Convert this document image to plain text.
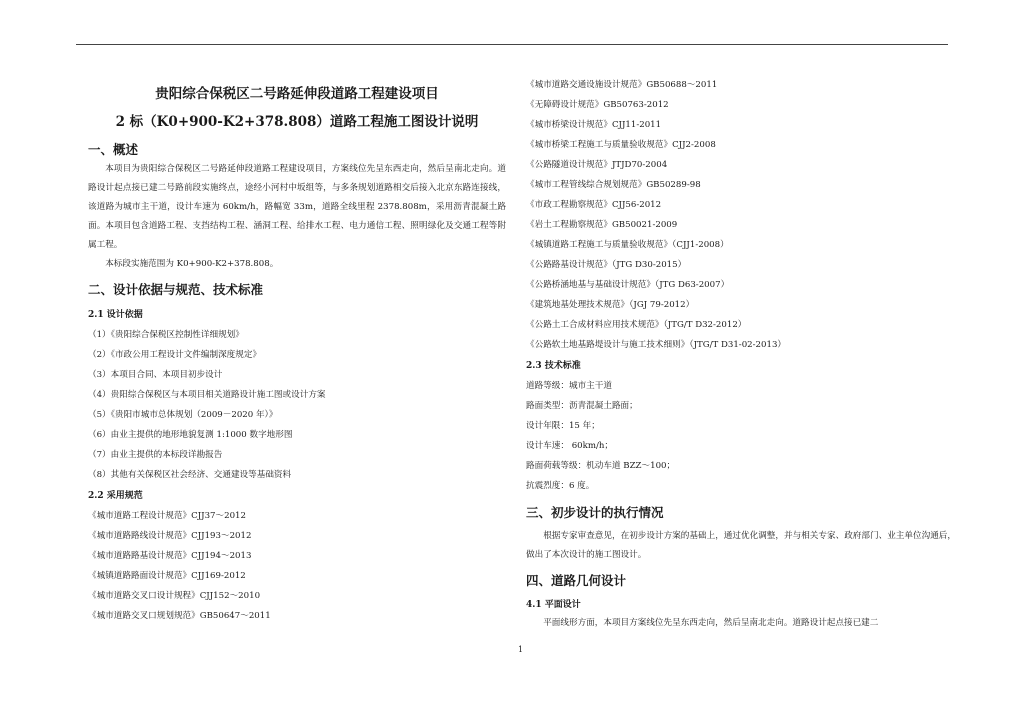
贵阳综合保税区二号路延伸段道路工程建设项目

2 标（K0+900-K2+378.808）道路工程施工图设计说明

一、概述

本项目为贵阳综合保税区二号路延伸段道路工程建设项目，方案线位先呈东西走向，然后呈南北走向。道路设计起点接已建二号路前段实施终点，途经小河村中坂组等，与多条规划道路相交后接入北京东路连接线，该道路为城市主干道，设计车速为 60km/h，路幅宽 33m，道路全线里程 2378.808m，采用沥青混凝土路面。本项目包含道路工程、支挡结构工程、涵洞工程、给排水工程、电力通信工程、照明绿化及交通工程等附属工程。

本标段实施范围为 K0+900-K2+378.808。

二、设计依据与规范、技术标准

2.1 设计依据

（1）《贵阳综合保税区控制性详细规划》

（2）《市政公用工程设计文件编制深度规定》

（3）本项目合同、本项目初步设计

（4）贵阳综合保税区与本项目相关道路设计施工图或设计方案

（5）《贵阳市城市总体规划（2009－2020 年）》

（6）由业主提供的地形地貌复测 1:1000 数字地形图

（7）由业主提供的本标段详勘报告

（8）其他有关保税区社会经济、交通建设等基础资料

2.2 采用规范

《城市道路工程设计规范》CJJ37～2012

《城市道路路线设计规范》CJJ193～2012

《城市道路路基设计规范》CJJ194～2013

《城镇道路路面设计规范》CJJ169-2012

《城市道路交叉口设计规程》CJJ152～2010

《城市道路交叉口规划规范》GB50647～2011

《城市道路交通设施设计规范》GB50688～2011

《无障碍设计规范》GB50763-2012

《城市桥梁设计规范》CJJ11-2011

《城市桥梁工程施工与质量验收规范》CJJ2-2008

《公路隧道设计规范》JTJD70-2004

《城市工程管线综合规划规范》GB50289-98

《市政工程勘察规范》CJJ56-2012

《岩土工程勘察规范》GB50021-2009

《城镇道路工程施工与质量验收规范》（CJJ1-2008）

《公路路基设计规范》（JTG D30-2015）

《公路桥涵地基与基础设计规范》（JTG D63-2007）

《建筑地基处理技术规范》（JGJ 79-2012）

《公路土工合成材料应用技术规范》（JTG/T D32-2012）

《公路软土地基路堤设计与施工技术细则》（JTG/T D31-02-2013）

2.3 技术标准

道路等级：城市主干道

路面类型：沥青混凝土路面；

设计年限：15 年；

设计车速： 60km/h；

路面荷载等级：机动车道 BZZ～100；

抗震烈度：6 度。

三、初步设计的执行情况

根据专家审查意见，在初步设计方案的基础上，通过优化调整，并与相关专家、政府部门、业主单位沟通后，做出了本次设计的施工图设计。

四、道路几何设计

4.1 平面设计

平面线形方面，本项目方案线位先呈东西走向，然后呈南北走向。道路设计起点接已建二

1
